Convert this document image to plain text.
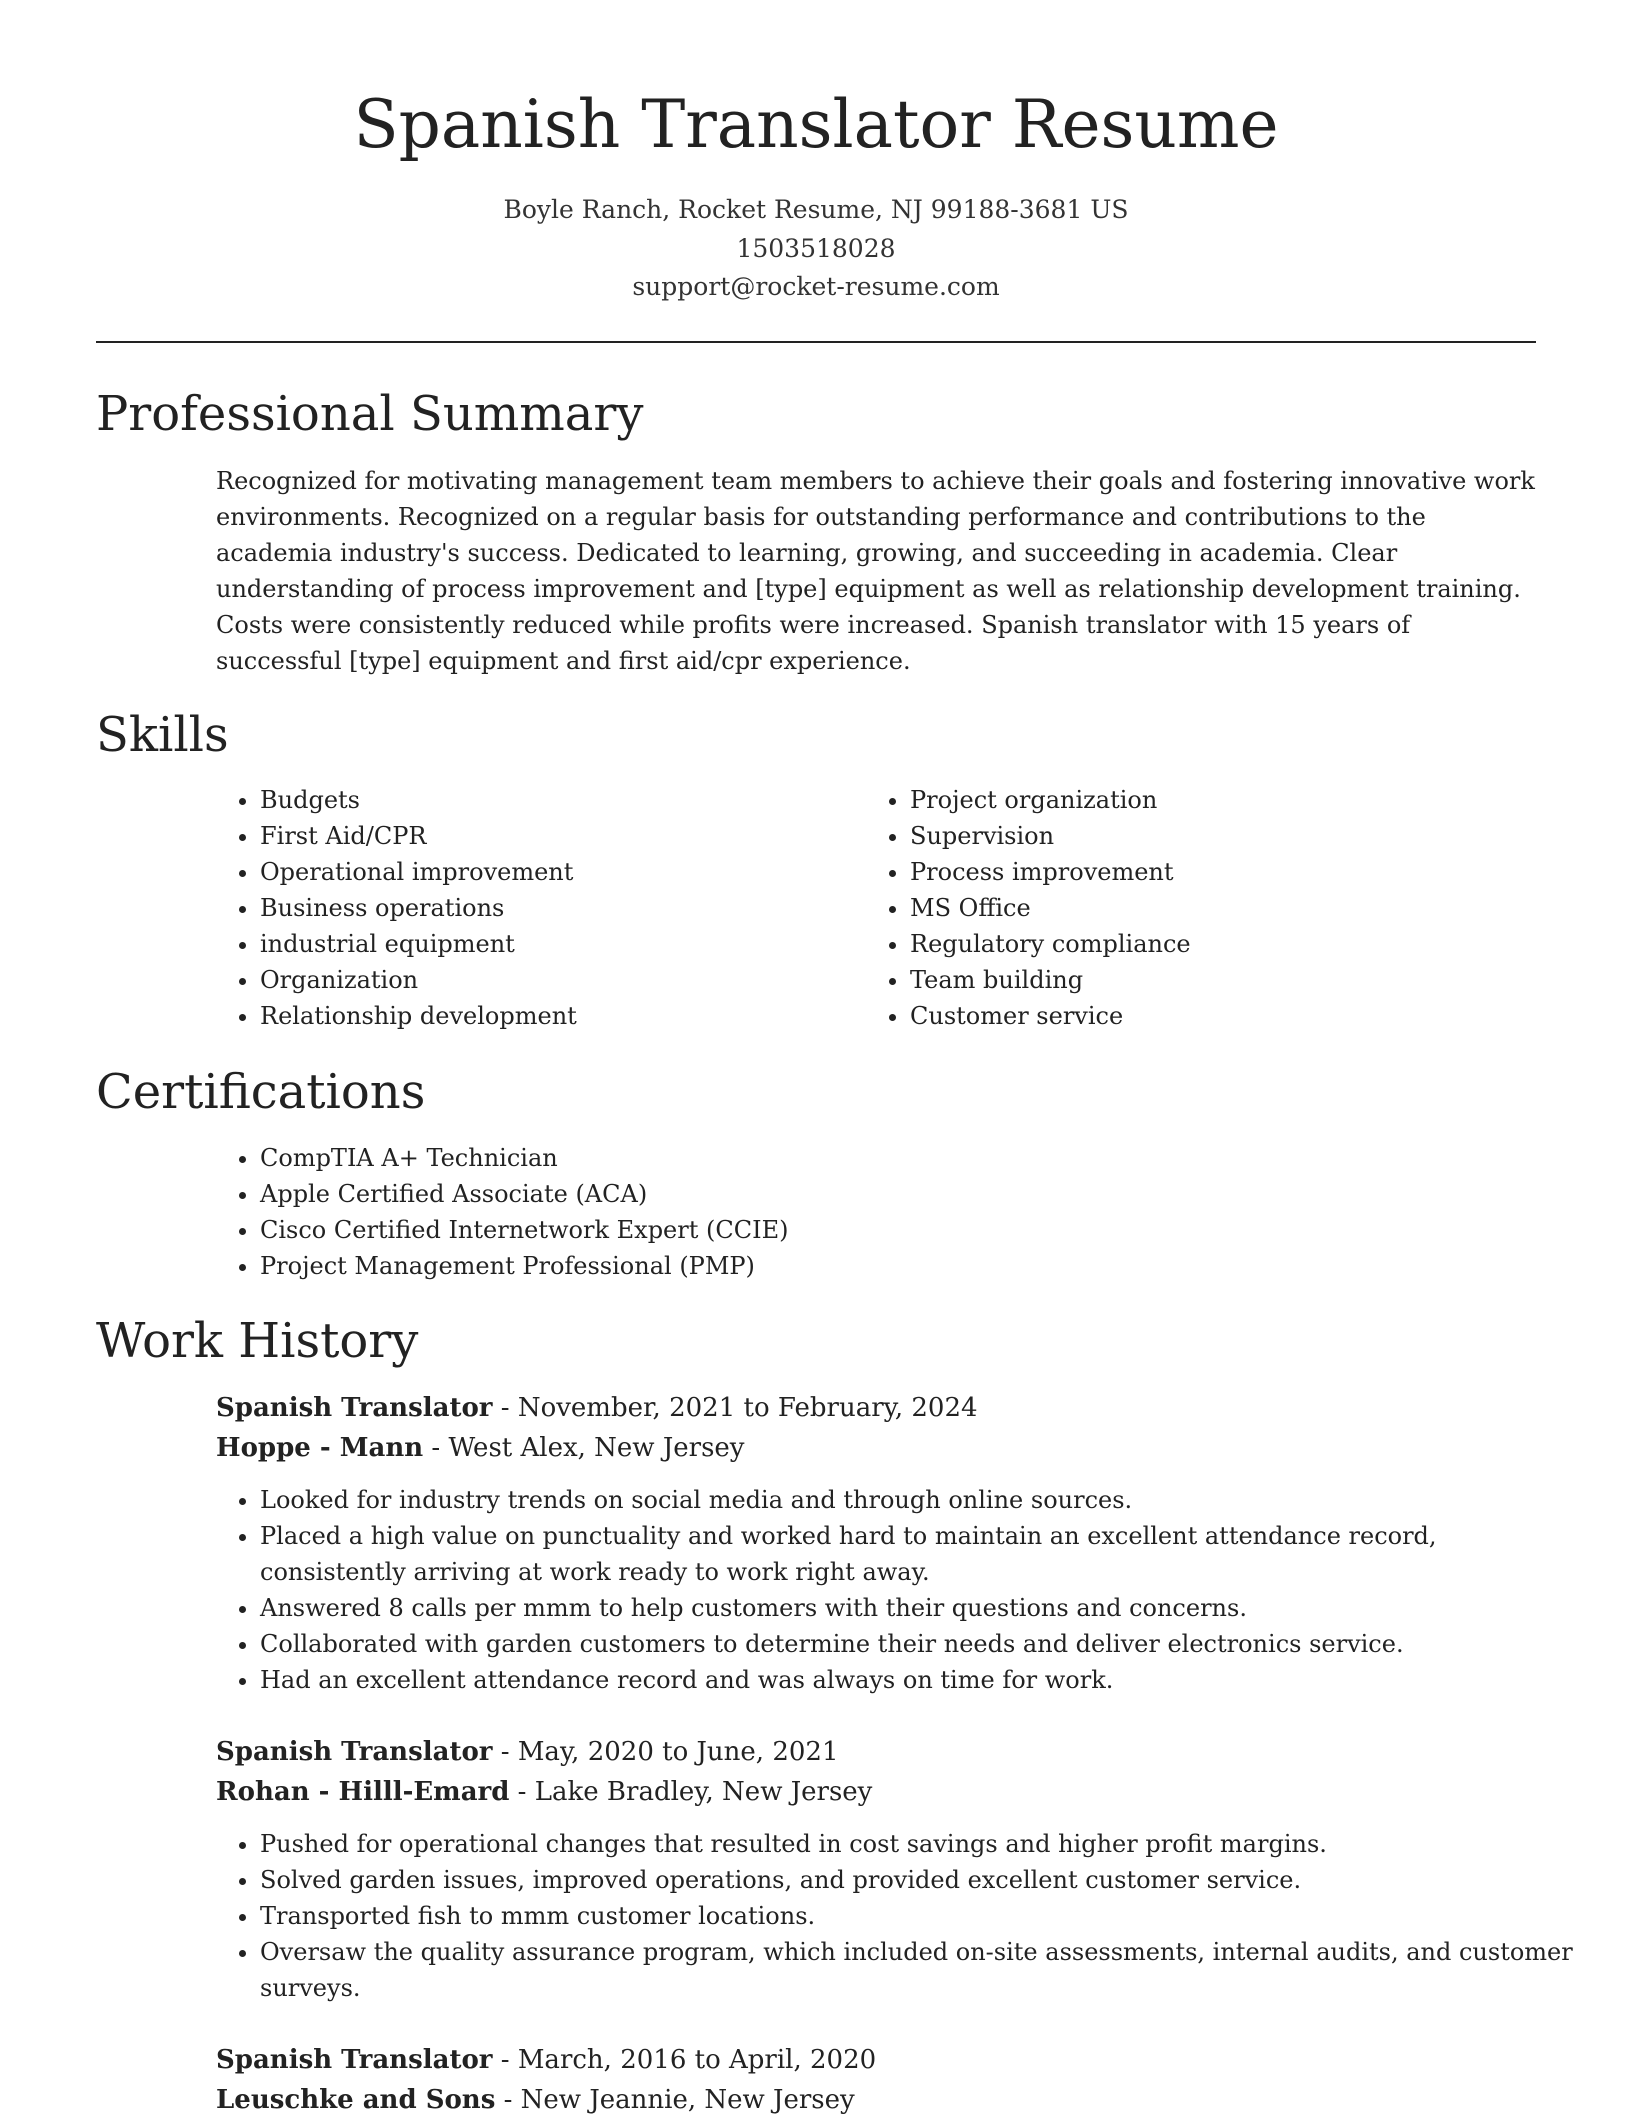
Spanish Translator Resume
Boyle Ranch, Rocket Resume, NJ 99188-3681 US
1503518028
support@rocket-resume.com
Professional Summary
Recognized for motivating management team members to achieve their goals and fostering innovative work environments. Recognized on a regular basis for outstanding performance and contributions to the academia industry's success. Dedicated to learning, growing, and succeeding in academia. Clear understanding of process improvement and [type] equipment as well as relationship development training. Costs were consistently reduced while profits were increased. Spanish translator with 15 years of successful [type] equipment and first aid/cpr experience.
Skills
• Budgets
• First Aid/CPR
• Operational improvement
• Business operations
• industrial equipment
• Organization
• Relationship development
• Project organization
• Supervision
• Process improvement
• MS Office
• Regulatory compliance
• Team building
• Customer service
Certifications
• CompTIA A+ Technician
• Apple Certified Associate (ACA)
• Cisco Certified Internetwork Expert (CCIE)
• Project Management Professional (PMP)
Work History
Spanish Translator - November, 2021 to February, 2024
Hoppe - Mann - West Alex, New Jersey
• Looked for industry trends on social media and through online sources.
• Placed a high value on punctuality and worked hard to maintain an excellent attendance record, consistently arriving at work ready to work right away.
• Answered 8 calls per mmm to help customers with their questions and concerns.
• Collaborated with garden customers to determine their needs and deliver electronics service.
• Had an excellent attendance record and was always on time for work.
Spanish Translator - May, 2020 to June, 2021
Rohan - Hilll-Emard - Lake Bradley, New Jersey
• Pushed for operational changes that resulted in cost savings and higher profit margins.
• Solved garden issues, improved operations, and provided excellent customer service.
• Transported fish to mmm customer locations.
• Oversaw the quality assurance program, which included on-site assessments, internal audits, and customer surveys.
Spanish Translator - March, 2016 to April, 2020
Leuschke and Sons - New Jeannie, New Jersey
